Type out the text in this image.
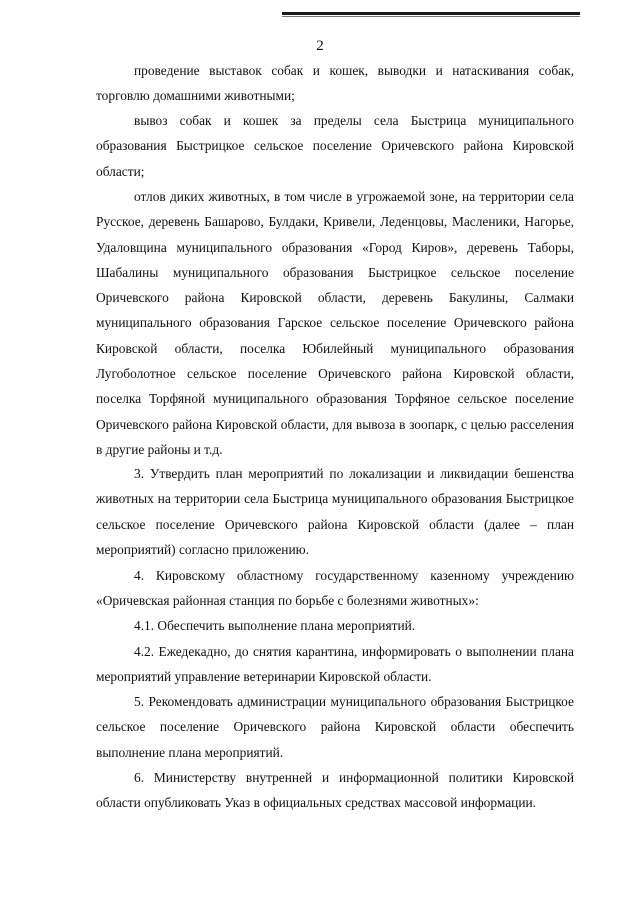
2

проведение выставок собак и кошек, выводки и натаскивания собак, торговлю домашними животными;

вывоз собак и кошек за пределы села Быстрица муниципального образования Быстрицкое сельское поселение Оричевского района Кировской области;

отлов диких животных, в том числе в угрожаемой зоне, на территории села Русское, деревень Башарово, Булдаки, Кривели, Леденцовы, Масленики, Нагорье, Удаловщина муниципального образования «Город Киров», деревень Таборы, Шабалины муниципального образования Быстрицкое сельское поселение Оричевского района Кировской области, деревень Бакулины, Салмаки муниципального образования Гарское сельское поселение Оричевского района Кировской области, поселка Юбилейный муниципального образования Лугоболотное сельское поселение Оричевского района Кировской области, поселка Торфяной муниципального образования Торфяное сельское поселение Оричевского района Кировской области, для вывоза в зоопарк, с целью расселения в другие районы и т.д.

3. Утвердить план мероприятий по локализации и ликвидации бешенства животных на территории села Быстрица муниципального образования Быстрицкое сельское поселение Оричевского района Кировской области (далее – план мероприятий) согласно приложению.

4. Кировскому областному государственному казенному учреждению «Оричевская районная станция по борьбе с болезнями животных»:

4.1. Обеспечить выполнение плана мероприятий.

4.2. Ежедекадно, до снятия карантина, информировать о выполнении плана мероприятий управление ветеринарии Кировской области.

5. Рекомендовать администрации муниципального образования Быстрицкое сельское поселение Оричевского района Кировской области обеспечить выполнение плана мероприятий.

6. Министерству внутренней и информационной политики Кировской области опубликовать Указ в официальных средствах массовой информации.
